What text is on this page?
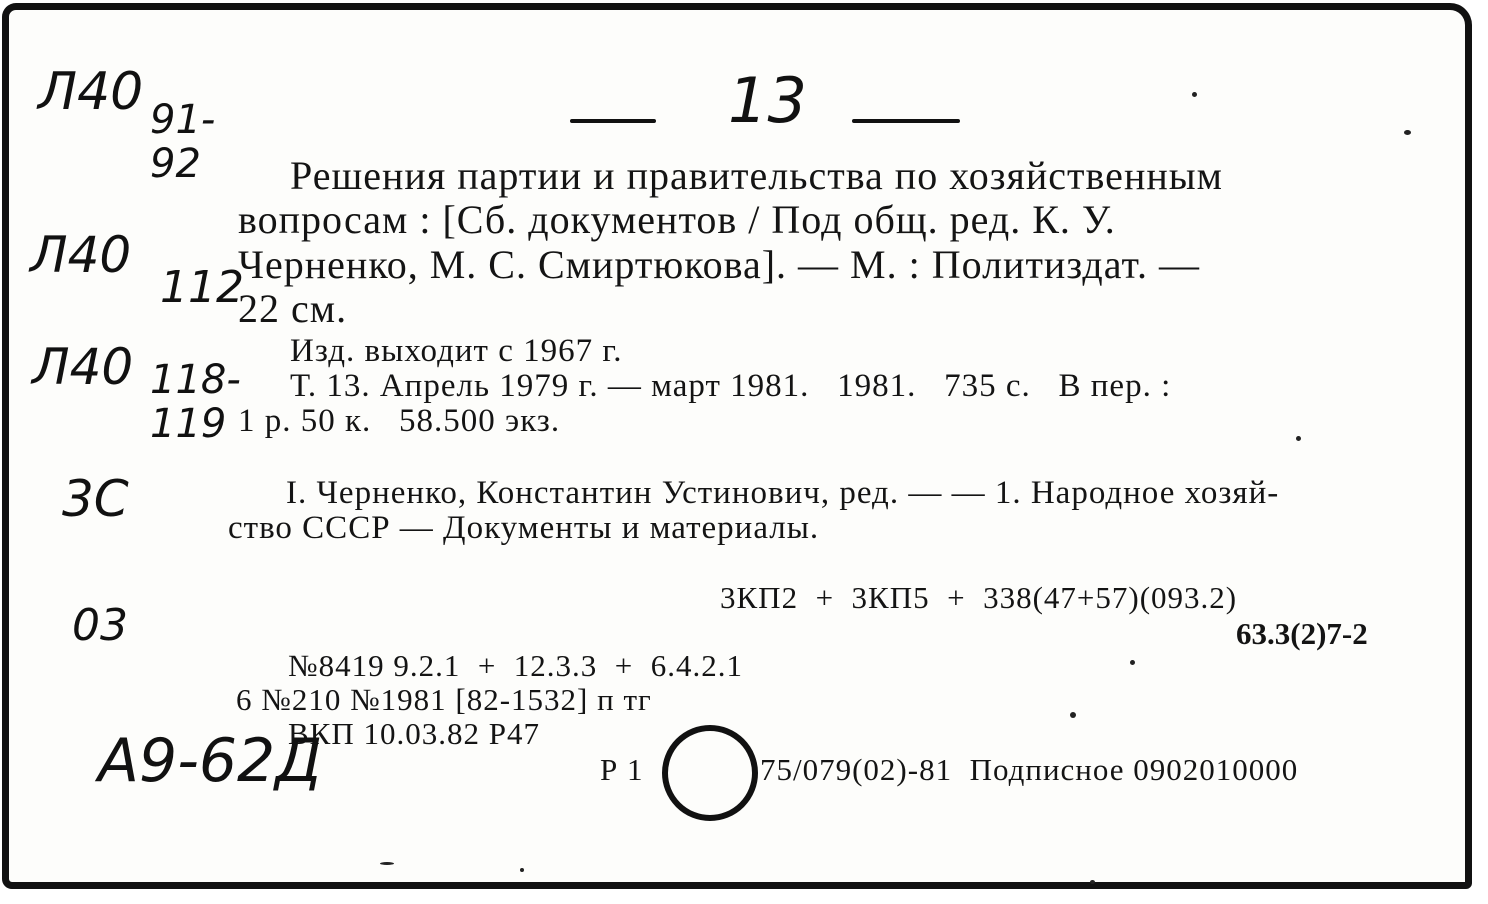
13
Решения партии и правительства по хозяйственным
вопросам : [Сб. документов / Под общ. ред. К. У.
Черненко, М. С. Смиртюкова]. — М. : Политиздат. —
22 см.
Изд. выходит с 1967 г.
Т. 13. Апрель 1979 г. — март 1981.   1981.   735 с.   В пер. :
1 р. 50 к.   58.500 экз.
I. Черненко, Константин Устинович, ред. — — 1. Народное хозяй-
ство СССР — Документы и материалы.
3КП2  +  3КП5  +  338(47+57)(093.2)
63.3(2)7-2
№8419 9.2.1  +  12.3.3  +  6.4.2.1
6 №210 №1981 [82-1532] п тг
ВКП 10.03.82 Р47
Р 1	75/079(02)-81  Подписное 0902010000
Л40 91-92
Л40
112
Л40 118-119
3С
03
А9-62Д
